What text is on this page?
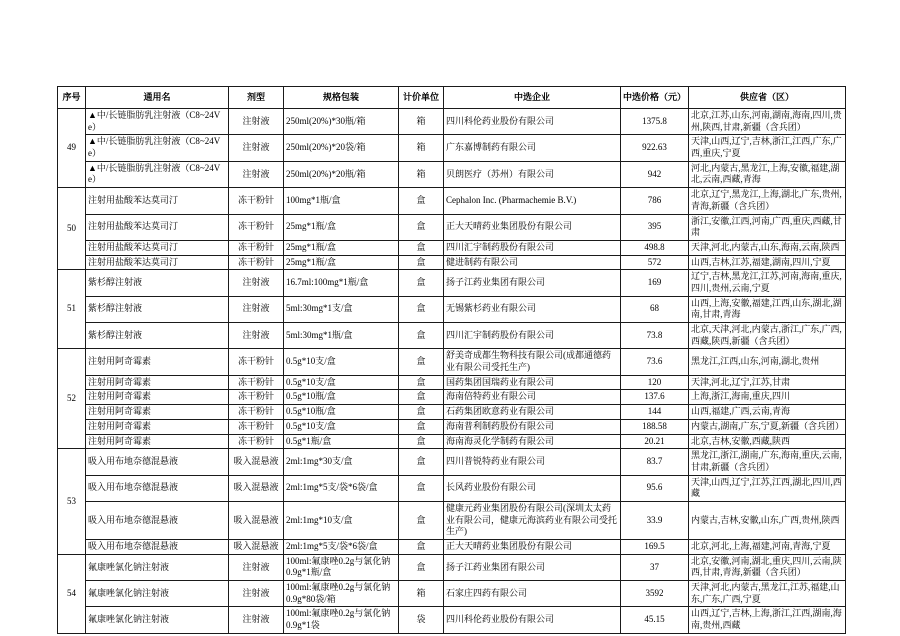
序号	通用名	剂型	规格包装	计价单位	中选企业	中选价格（元）	供应省（区）
49	▲中/长链脂肪乳注射液（C8~24Ve）	注射液	250ml(20%)*30瓶/箱	箱	四川科伦药业股份有限公司	1375.8	北京,江苏,山东,河南,湖南,海南,四川,贵州,陕西,甘肃,新疆（含兵团）
	▲中/长链脂肪乳注射液（C8~24Ve）	注射液	250ml(20%)*20袋/箱	箱	广东嘉博制药有限公司	922.63	天津,山西,辽宁,吉林,浙江,江西,广东,广西,重庆,宁夏
	▲中/长链脂肪乳注射液（C8~24Ve）	注射液	250ml(20%)*20瓶/箱	箱	贝朗医疗（苏州）有限公司	942	河北,内蒙古,黑龙江,上海,安徽,福建,湖北,云南,西藏,青海
50	注射用盐酸苯达莫司汀	冻干粉针	100mg*1瓶/盒	盒	Cephalon Inc. (Pharmachemie B.V.)	786	北京,辽宁,黑龙江,上海,湖北,广东,贵州,青海,新疆（含兵团）
	注射用盐酸苯达莫司汀	冻干粉针	25mg*1瓶/盒	盒	正大天晴药业集团股份有限公司	395	浙江,安徽,江西,河南,广西,重庆,西藏,甘肃
	注射用盐酸苯达莫司汀	冻干粉针	25mg*1瓶/盒	盒	四川汇宇制药股份有限公司	498.8	天津,河北,内蒙古,山东,海南,云南,陕西
	注射用盐酸苯达莫司汀	冻干粉针	25mg*1瓶/盒	盒	健进制药有限公司	572	山西,吉林,江苏,福建,湖南,四川,宁夏
51	紫杉醇注射液	注射液	16.7ml:100mg*1瓶/盒	盒	扬子江药业集团有限公司	169	辽宁,吉林,黑龙江,江苏,河南,海南,重庆,四川,贵州,云南,宁夏
	紫杉醇注射液	注射液	5ml:30mg*1支/盒	盒	无锡紫杉药业有限公司	68	山西,上海,安徽,福建,江西,山东,湖北,湖南,甘肃,青海
	紫杉醇注射液	注射液	5ml:30mg*1瓶/盒	盒	四川汇宇制药股份有限公司	73.8	北京,天津,河北,内蒙古,浙江,广东,广西,西藏,陕西,新疆（含兵团）
52	注射用阿奇霉素	冻干粉针	0.5g*10支/盒	盒	舒美奇成都生物科技有限公司(成都通德药业有限公司受托生产)	73.6	黑龙江,江西,山东,河南,湖北,贵州
	注射用阿奇霉素	冻干粉针	0.5g*10支/盒	盒	国药集团国瑞药业有限公司	120	天津,河北,辽宁,江苏,甘肃
	注射用阿奇霉素	冻干粉针	0.5g*10瓶/盒	盒	海南倍特药业有限公司	137.6	上海,浙江,海南,重庆,四川
	注射用阿奇霉素	冻干粉针	0.5g*10瓶/盒	盒	石药集团欧意药业有限公司	144	山西,福建,广西,云南,青海
	注射用阿奇霉素	冻干粉针	0.5g*10支/盒	盒	海南普利制药股份有限公司	188.58	内蒙古,湖南,广东,宁夏,新疆（含兵团）
	注射用阿奇霉素	冻干粉针	0.5g*1瓶/盒	盒	海南海灵化学制药有限公司	20.21	北京,吉林,安徽,西藏,陕西
53	吸入用布地奈德混悬液	吸入混悬液	2ml:1mg*30支/盒	盒	四川普锐特药业有限公司	83.7	黑龙江,浙江,湖南,广东,海南,重庆,云南,甘肃,新疆（含兵团）
	吸入用布地奈德混悬液	吸入混悬液	2ml:1mg*5支/袋*6袋/盒	盒	长风药业股份有限公司	95.6	天津,山西,辽宁,江苏,江西,湖北,四川,西藏
	吸入用布地奈德混悬液	吸入混悬液	2ml:1mg*10支/盒	盒	健康元药业集团股份有限公司(深圳太太药业有限公司，健康元海滨药业有限公司受托生产)	33.9	内蒙古,吉林,安徽,山东,广西,贵州,陕西
	吸入用布地奈德混悬液	吸入混悬液	2ml:1mg*5支/袋*6袋/盒	盒	正大天晴药业集团股份有限公司	169.5	北京,河北,上海,福建,河南,青海,宁夏
54	氟康唑氯化钠注射液	注射液	100ml:氟康唑0.2g与氯化钠0.9g*1瓶/盒	盒	扬子江药业集团有限公司	37	北京,安徽,河南,湖北,重庆,四川,云南,陕西,甘肃,青海,新疆（含兵团）
	氟康唑氯化钠注射液	注射液	100ml:氟康唑0.2g与氯化钠0.9g*80袋/箱	箱	石家庄四药有限公司	3592	天津,河北,内蒙古,黑龙江,江苏,福建,山东,广东,广西,宁夏
	氟康唑氯化钠注射液	注射液	100ml:氟康唑0.2g与氯化钠0.9g*1袋	袋	四川科伦药业股份有限公司	45.15	山西,辽宁,吉林,上海,浙江,江西,湖南,海南,贵州,西藏
